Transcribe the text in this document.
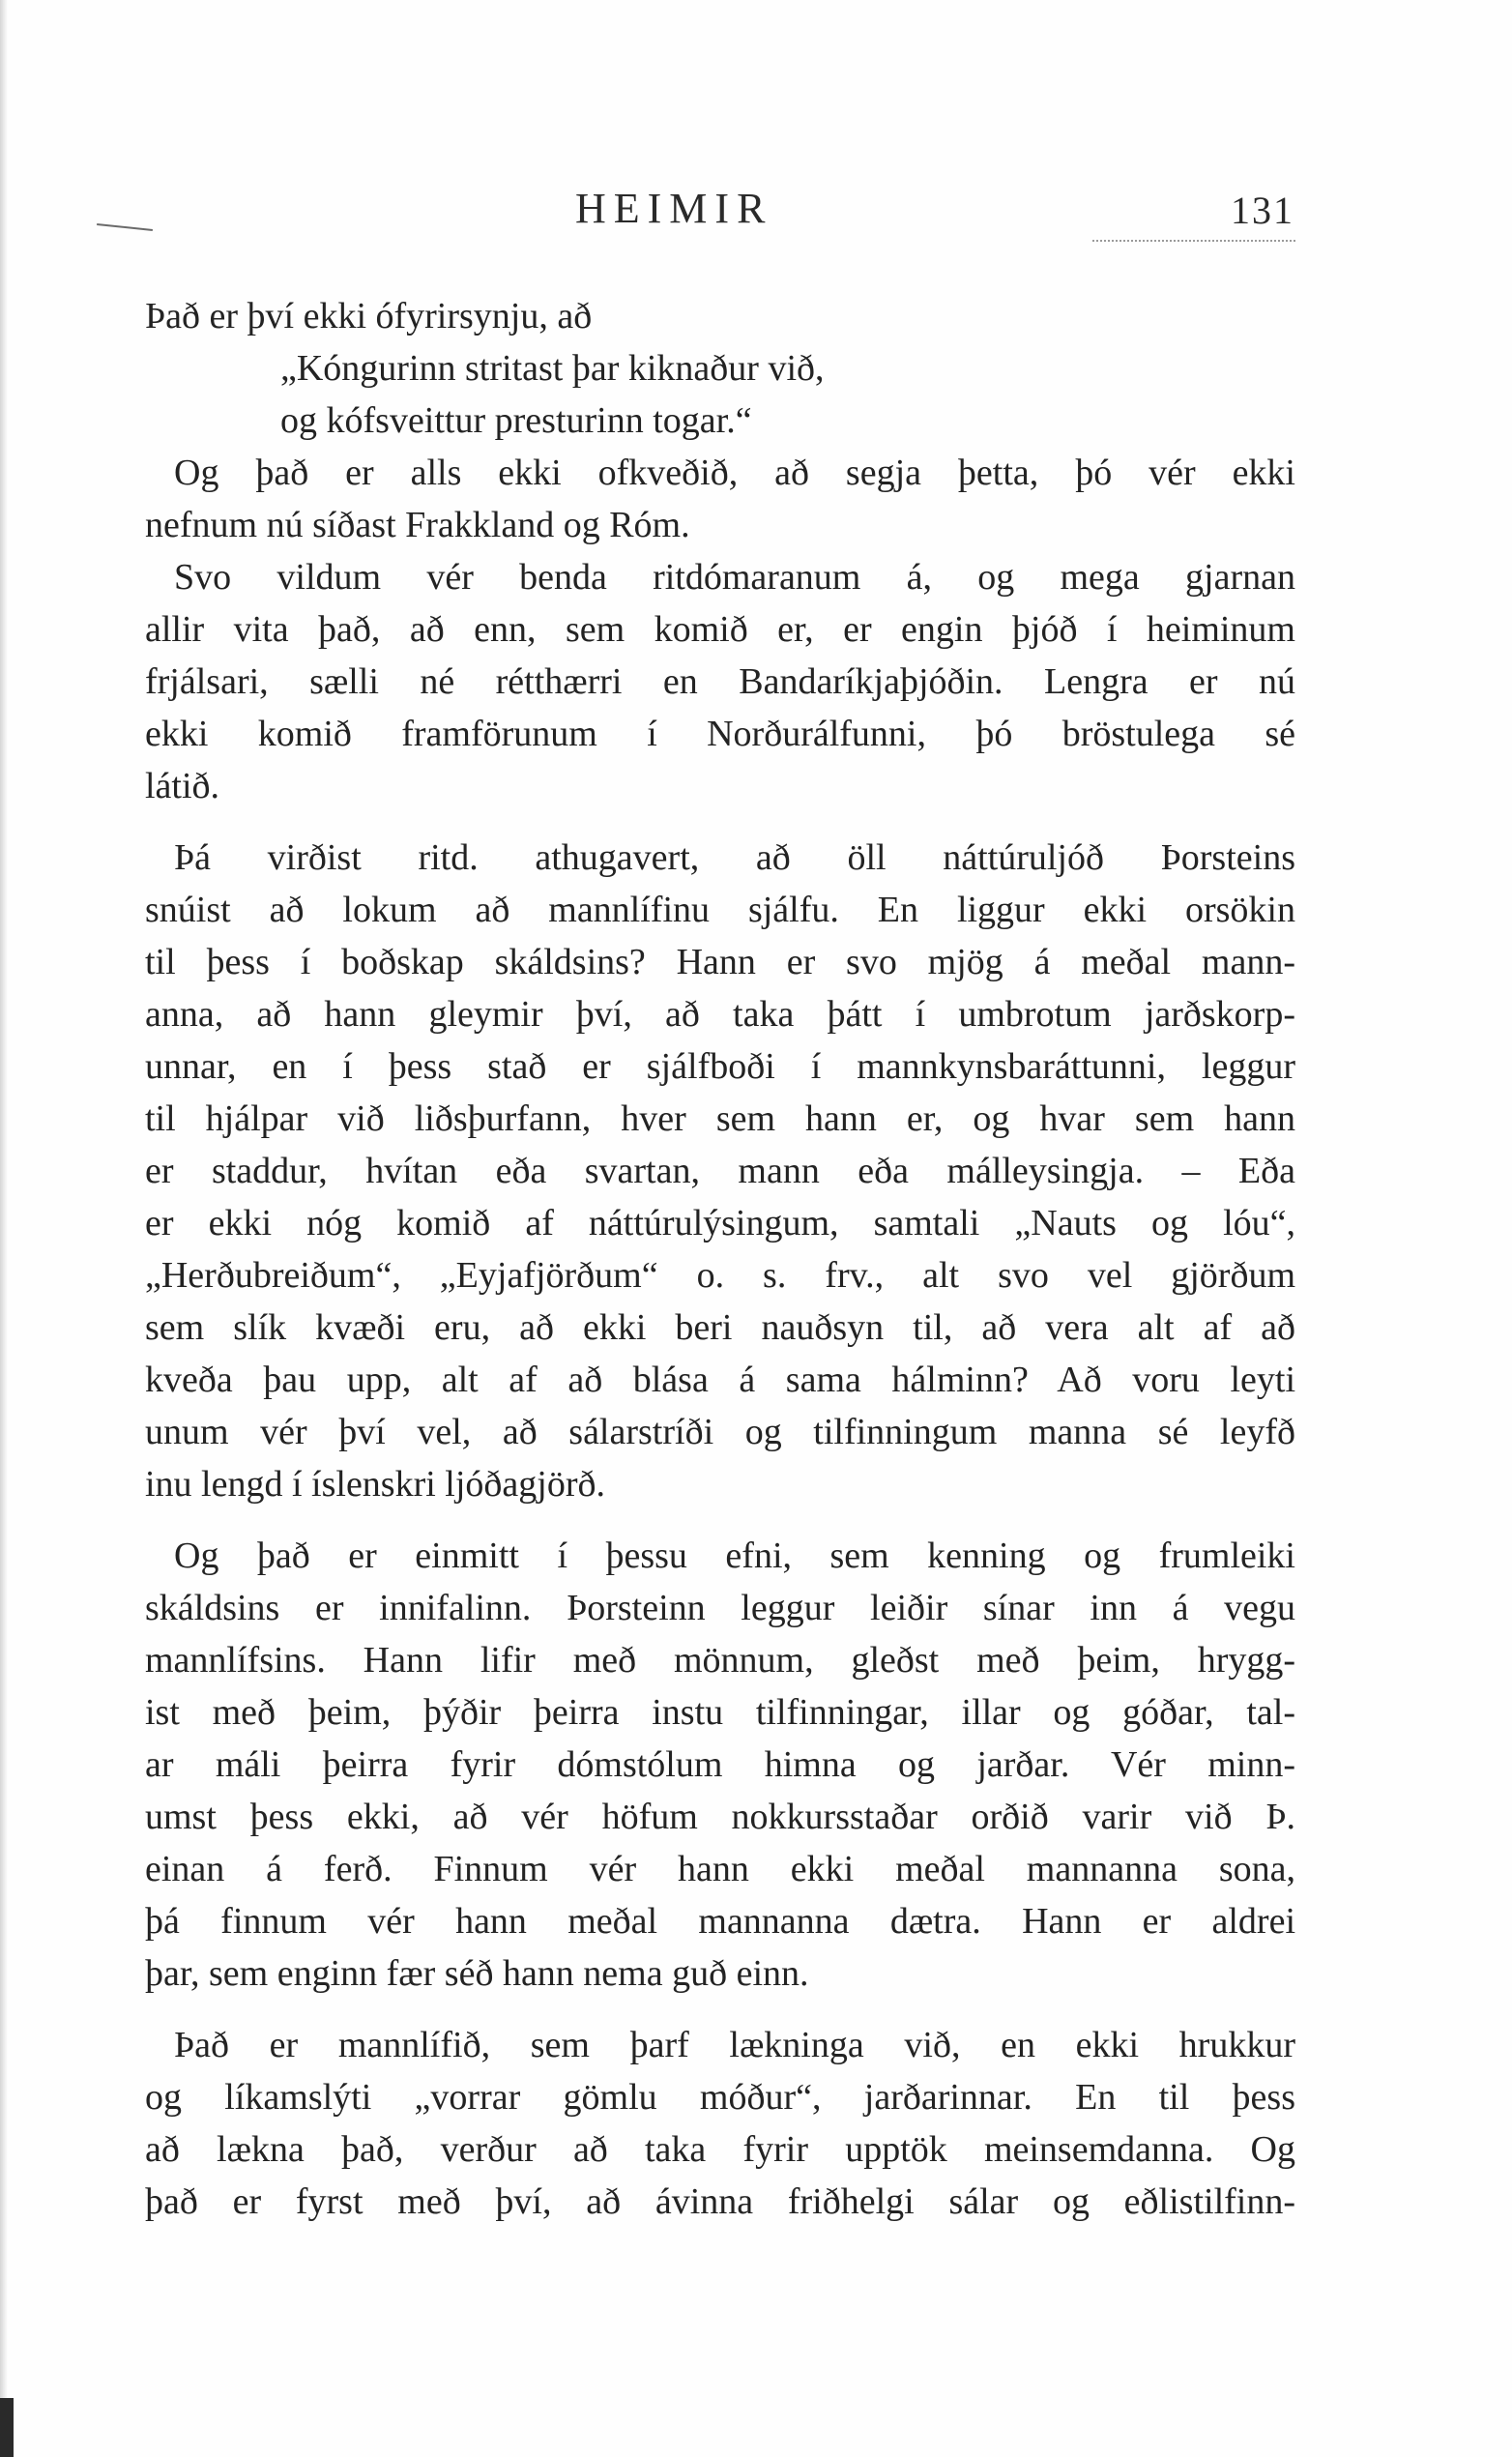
HEIMIR	131
Það er því ekki ófyrirsynju, að
„Kóngurinn stritast þar kiknaður við,
og kófsveittur presturinn togar.“
Og það er alls ekki ofkveðið, að segja þetta, þó vér ekki
nefnum nú síðast Frakkland og Róm.
Svo vildum vér benda ritdómaranum á, og mega gjarnan
allir vita það, að enn, sem komið er, er engin þjóð í heiminum
frjálsari, sælli né rétthærri en Bandaríkjaþjóðin. Lengra er nú
ekki komið framförunum í Norðurálfunni, þó bröstulega sé
látið.
Þá virðist ritd. athugavert, að öll náttúruljóð Þorsteins
snúist að lokum að mannlífinu sjálfu. En liggur ekki orsökin
til þess í boðskap skáldsins? Hann er svo mjög á meðal mann-
anna, að hann gleymir því, að taka þátt í umbrotum jarðskorp-
unnar, en í þess stað er sjálfboði í mannkynsbaráttunni, leggur
til hjálpar við liðsþurfann, hver sem hann er, og hvar sem hann
er staddur, hvítan eða svartan, mann eða málleysingja. – Eða
er ekki nóg komið af náttúrulýsingum, samtali „Nauts og lóu“,
„Herðubreiðum“, „Eyjafjörðum“ o. s. frv., alt svo vel gjörðum
sem slík kvæði eru, að ekki beri nauðsyn til, að vera alt af að
kveða þau upp, alt af að blása á sama hálminn? Að voru leyti
unum vér því vel, að sálarstríði og tilfinningum manna sé leyfð
inu lengd í íslenskri ljóðagjörð.
Og það er einmitt í þessu efni, sem kenning og frumleiki
skáldsins er innifalinn. Þorsteinn leggur leiðir sínar inn á vegu
mannlífsins. Hann lifir með mönnum, gleðst með þeim, hrygg-
ist með þeim, þýðir þeirra instu tilfinningar, illar og góðar, tal-
ar máli þeirra fyrir dómstólum himna og jarðar. Vér minn-
umst þess ekki, að vér höfum nokkursstaðar orðið varir við Þ.
einan á ferð. Finnum vér hann ekki meðal mannanna sona,
þá finnum vér hann meðal mannanna dætra. Hann er aldrei
þar, sem enginn fær séð hann nema guð einn.
Það er mannlífið, sem þarf lækninga við, en ekki hrukkur
og líkamslýti „vorrar gömlu móður“, jarðarinnar. En til þess
að lækna það, verður að taka fyrir upptök meinsemdanna. Og
það er fyrst með því, að ávinna friðhelgi sálar og eðlistilfinn-
